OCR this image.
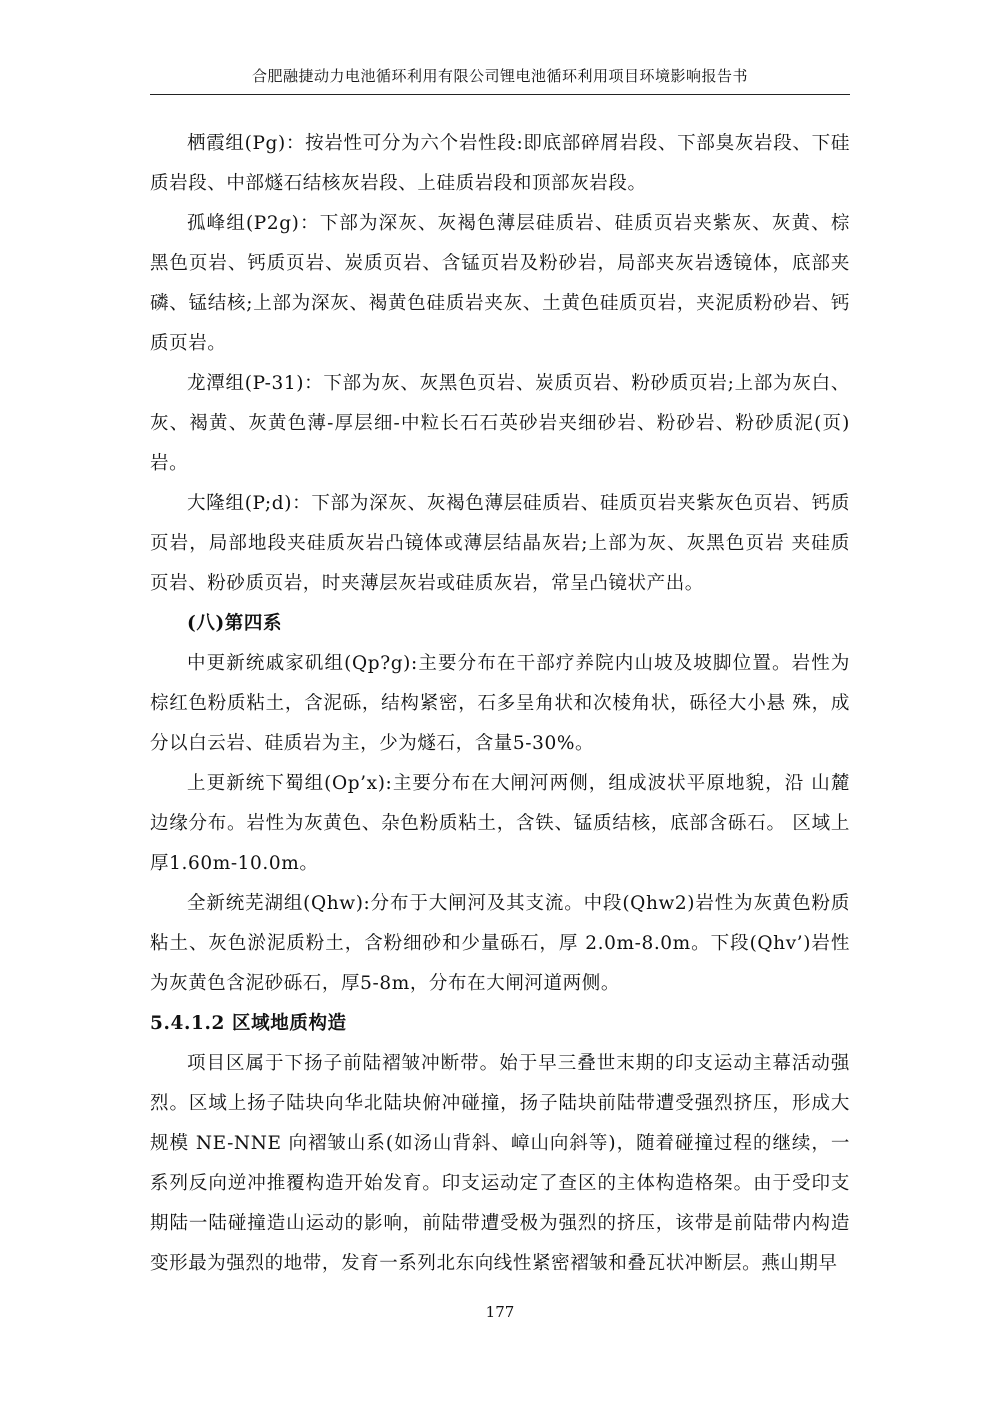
合肥融捷动力电池循环利用有限公司锂电池循环利用项目环境影响报告书

栖霞组(Pg)：按岩性可分为六个岩性段:即底部碎屑岩段、下部臭灰岩段、下硅质岩段、中部燧石结核灰岩段、上硅质岩段和顶部灰岩段。

孤峰组(P2g)：下部为深灰、灰褐色薄层硅质岩、硅质页岩夹紫灰、灰黄、棕黑色页岩、钙质页岩、炭质页岩、含锰页岩及粉砂岩，局部夹灰岩透镜体，底部夹磷、锰结核;上部为深灰、褐黄色硅质岩夹灰、土黄色硅质页岩，夹泥质粉砂岩、钙质页岩。

龙潭组(P-31)：下部为灰、灰黑色页岩、炭质页岩、粉砂质页岩;上部为灰白、灰、褐黄、灰黄色薄-厚层细-中粒长石石英砂岩夹细砂岩、粉砂岩、粉砂质泥(页)岩。

大隆组(P;d)：下部为深灰、灰褐色薄层硅质岩、硅质页岩夹紫灰色页岩、钙质页岩，局部地段夹硅质灰岩凸镜体或薄层结晶灰岩;上部为灰、灰黑色页岩 夹硅质页岩、粉砂质页岩，时夹薄层灰岩或硅质灰岩，常呈凸镜状产出。

(八)第四系

中更新统戚家矶组(Qp?g):主要分布在干部疗养院内山坡及坡脚位置。岩性为棕红色粉质粘土，含泥砾，结构紧密，石多呈角状和次棱角状，砾径大小悬 殊，成分以白云岩、硅质岩为主，少为燧石，含量5-30%。

上更新统下蜀组(Op’x):主要分布在大闸河两侧，组成波状平原地貌，沿 山麓边缘分布。岩性为灰黄色、杂色粉质粘土，含铁、锰质结核，底部含砾石。 区域上厚1.60m-10.0m。

全新统芜湖组(Qhw):分布于大闸河及其支流。中段(Qhw2)岩性为灰黄色粉质粘土、灰色淤泥质粉土，含粉细砂和少量砾石，厚 2.0m-8.0m。下段(Qhv’)岩性为灰黄色含泥砂砾石，厚5-8m，分布在大闸河道两侧。

5.4.1.2 区域地质构造

项目区属于下扬子前陆褶皱冲断带。始于早三叠世末期的印支运动主幕活动强烈。区域上扬子陆块向华北陆块俯冲碰撞，扬子陆块前陆带遭受强烈挤压，形成大规模 NE-NNE 向褶皱山系(如汤山背斜、嶂山向斜等)，随着碰撞过程的继续，一系列反向逆冲推覆构造开始发育。印支运动定了查区的主体构造格架。由于受印支期陆一陆碰撞造山运动的影响，前陆带遭受极为强烈的挤压，该带是前陆带内构造变形最为强烈的地带，发育一系列北东向线性紧密褶皱和叠瓦状冲断层。燕山期早

177
